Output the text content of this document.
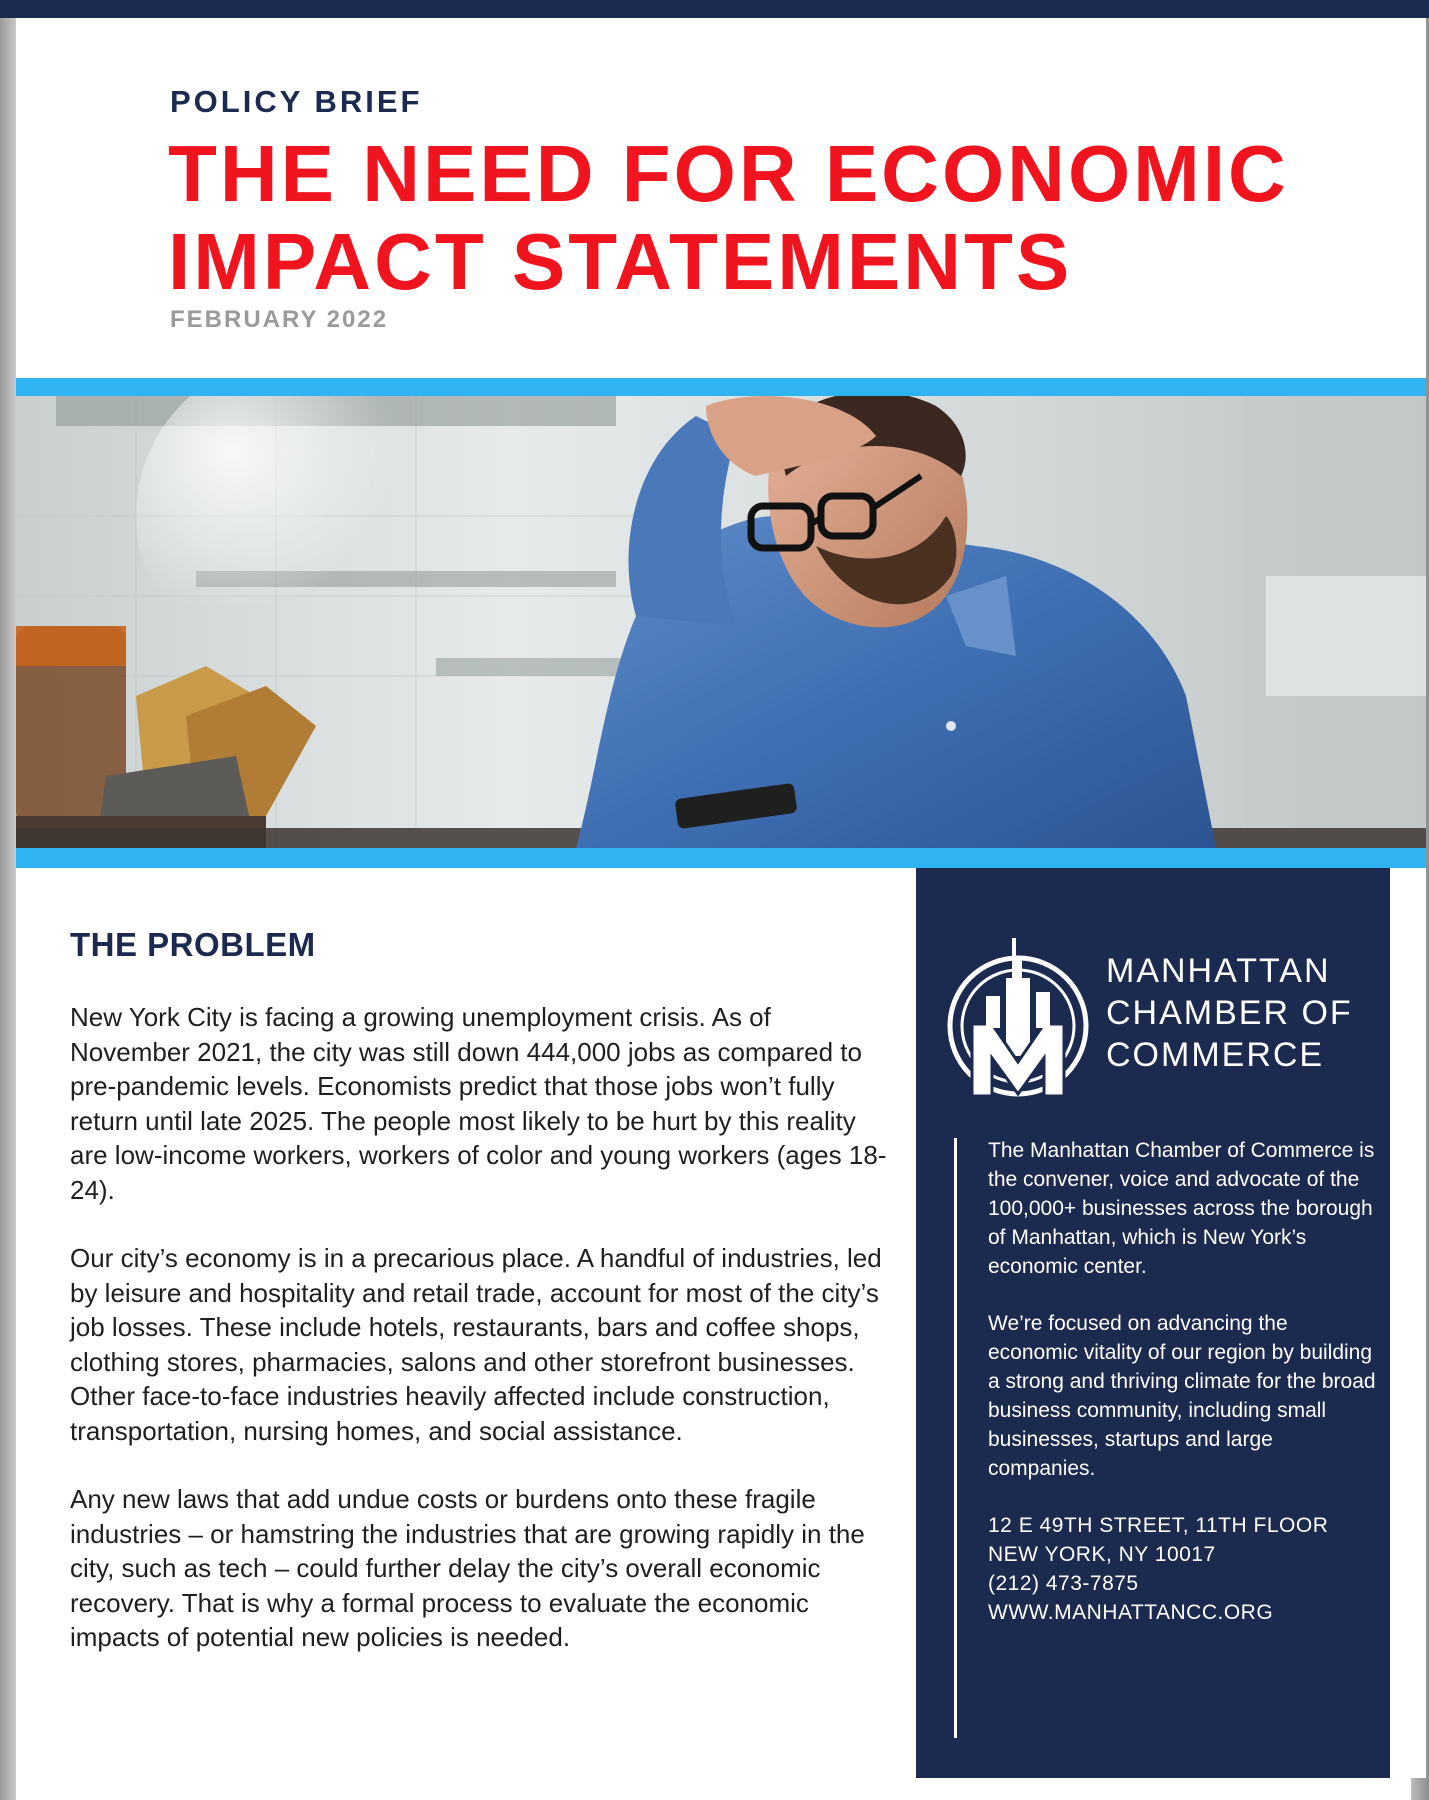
POLICY BRIEF
THE NEED FOR ECONOMIC
IMPACT STATEMENTS
FEBRUARY 2022
THE PROBLEM

New York City is facing a growing unemployment crisis. As of November 2021, the city was still down 444,000 jobs as compared to pre-pandemic levels. Economists predict that those jobs won’t fully return until late 2025. The people most likely to be hurt by this reality are low-income workers, workers of color and young workers (ages 18-24).

Our city’s economy is in a precarious place. A handful of industries, led by leisure and hospitality and retail trade, account for most of the city’s job losses. These include hotels, restaurants, bars and coffee shops, clothing stores, pharmacies, salons and other storefront businesses. Other face-to-face industries heavily affected include construction, transportation, nursing homes, and social assistance.

Any new laws that add undue costs or burdens onto these fragile industries – or hamstring the industries that are growing rapidly in the city, such as tech – could further delay the city’s overall economic recovery. That is why a formal process to evaluate the economic impacts of potential new policies is needed.

MANHATTAN
CHAMBER OF
COMMERCE

The Manhattan Chamber of Commerce is the convener, voice and advocate of the 100,000+ businesses across the borough of Manhattan, which is New York’s economic center.

We’re focused on advancing the economic vitality of our region by building a strong and thriving climate for the broad business community, including small businesses, startups and large companies.

12 E 49TH STREET, 11TH FLOOR
NEW YORK, NY 10017
(212) 473-7875
WWW.MANHATTANCC.ORG
